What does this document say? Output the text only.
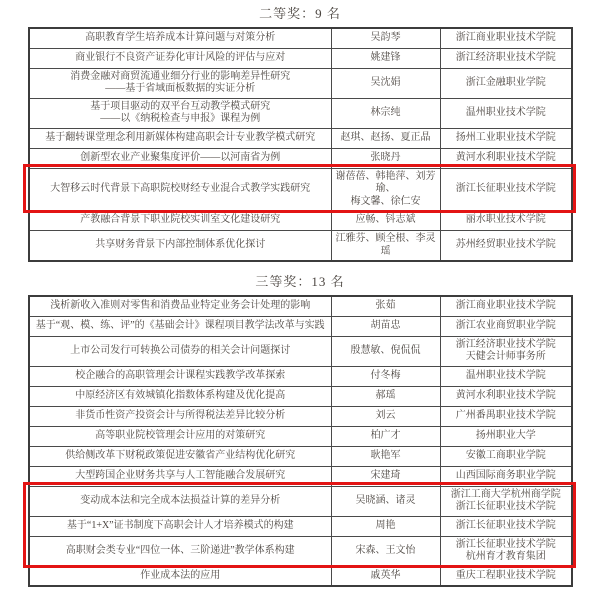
二等奖：9 名
高职教育学生培养成本计算问题与对策分析	吴韵琴	浙江商业职业技术学院

商业银行不良资产证券化审计风险的评估与应对	姚建锋	浙江经济职业技术学院

消费金融对商贸流通业细分行业的影响差异性研究
——基于省域面板数据的实证分析	吴沈娟	浙江金融职业学院

基于项目驱动的双平台互动教学模式研究
——以《纳税检查与申报》课程为例	林宗纯	温州职业技术学院

基于翻转课堂理念利用新媒体构建高职会计专业教学模式研究	赵琪、赵扬、夏正晶	扬州工业职业技术学院

创新型农业产业聚集度评价——以河南省为例	张晓丹	黄河水利职业技术学院

大智移云时代背景下高职院校财经专业混合式教学实践研究	谢蓓蓓、韩艳萍、刘芳瑜、
梅文馨、徐仁安	浙江长征职业技术学院

产教融合背景下职业院校实训室文化建设研究	应畅、钭志斌	丽水职业技术学院

共享财务背景下内部控制体系优化探讨	江雅芬、顾全根、李灵瑶	苏州经贸职业技术学院
三等奖：13 名
浅析新收入准则对零售和消费品业特定业务会计处理的影响	张茹	浙江商业职业技术学院

基于“观、模、练、评”的《基础会计》课程项目教学法改革与实践	胡苗忠	浙江农业商贸职业学院

上市公司发行可转换公司债券的相关会计问题探讨	殷慧敏、倪侃侃	浙江经济职业技术学院
天健会计师事务所

校企融合的高职管理会计课程实践教学改革探索	付冬梅	温州职业技术学院

中原经济区有效城镇化指数体系构建及优化提高	郝瑶	黄河水利职业技术学院

非货币性资产投资会计与所得税法差异比较分析	刘云	广州番禺职业技术学院

高等职业院校管理会计应用的对策研究	柏广才	扬州职业大学

供给侧改革下财税政策促进安徽省产业结构优化研究	耿艳军	安徽工商职业学院

大型跨国企业财务共享与人工智能融合发展研究	宋建琦	山西国际商务职业学院

变动成本法和完全成本法损益计算的差异分析	吴晓涵、诸灵	浙江工商大学杭州商学院
浙江长征职业技术学院

基于“1+X”证书制度下高职会计人才培养模式的构建	周艳	浙江长征职业技术学院

高职财会类专业“四位一体、三阶递进”教学体系构建	宋森、王文怡	浙江长征职业技术学院
杭州育才教育集团

作业成本法的应用	戚英华	重庆工程职业技术学院
